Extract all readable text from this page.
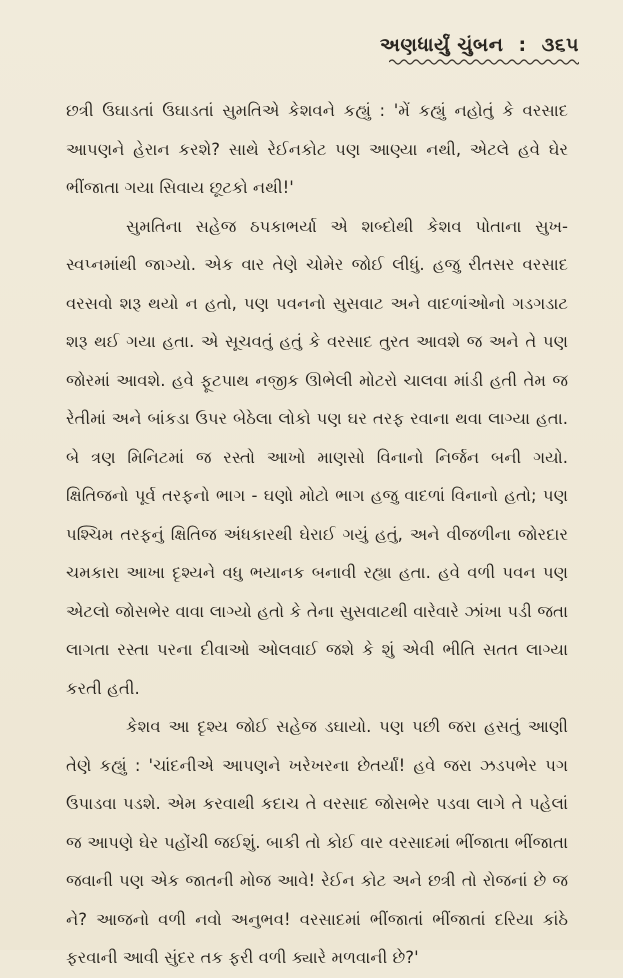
અણધાર્યું ચુંબન : ૩૬૫

છત્રી ઉઘાડતાં ઉઘાડતાં સુમતિએ કેશવને કહ્યું : 'મેં કહ્યું નહોતું કે વરસાદ આપણને હેરાન કરશે? સાથે રેઈનકોટ પણ આણ્યા નથી, એટલે હવે ઘેર ભીંજાતા ગયા સિવાય છૂટકો નથી!'

સુમતિના સહેજ ઠપકાભર્યા એ શબ્દોથી કેશવ પોતાના સુખ-સ્વપ્નમાંથી જાગ્યો. એક વાર તેણે ચોમેર જોઈ લીધું. હજુ રીતસર વરસાદ વરસવો શરૂ થયો ન હતો, પણ પવનનો સુસવાટ અને વાદળાંઓનો ગડગડાટ શરૂ થઈ ગયા હતા. એ સૂચવતું હતું કે વરસાદ તુરત આવશે જ અને તે પણ જોરમાં આવશે. હવે ફૂટપાથ નજીક ઊભેલી મોટરો ચાલવા માંડી હતી તેમ જ રેતીમાં અને બાંકડા ઉપર બેઠેલા લોકો પણ ઘર તરફ રવાના થવા લાગ્યા હતા. બે ત્રણ મિનિટમાં જ રસ્તો આખો માણસો વિનાનો નિર્જન બની ગયો. ક્ષિતિજનો પૂર્વ તરફનો ભાગ - ઘણો મોટો ભાગ હજુ વાદળાં વિનાનો હતો; પણ પશ્ચિમ તરફનું ક્ષિતિજ અંધકારથી ઘેરાઈ ગયું હતું, અને વીજળીના જોરદાર ચમકારા આખા દૃશ્યને વધુ ભયાનક બનાવી રહ્યા હતા. હવે વળી પવન પણ એટલો જોસભેર વાવા લાગ્યો હતો કે તેના સુસવાટથી વારેવારે ઝાંખા પડી જતા લાગતા રસ્તા પરના દીવાઓ ઓલવાઈ જશે કે શું એવી ભીતિ સતત લાગ્યા કરતી હતી.

કેશવ આ દૃશ્ય જોઈ સહેજ ડઘાયો. પણ પછી જરા હસતું આણી તેણે કહ્યું : 'ચાંદનીએ આપણને ખરેખરના છેતર્યાં! હવે જરા ઝડપભેર પગ ઉપાડવા પડશે. એમ કરવાથી કદાચ તે વરસાદ જોસભેર પડવા લાગે તે પહેલાં જ આપણે ઘેર પહોંચી જઈશું. બાકી તો કોઈ વાર વરસાદમાં ભીંજાતા ભીંજાતા જવાની પણ એક જાતની મોજ આવે! રેઈન કોટ અને છત્રી તો રોજનાં છે જ ને? આજનો વળી નવો અનુભવ! વરસાદમાં ભીંજાતાં ભીંજાતાં દરિયા કાંઠે ફરવાની આવી સુંદર તક ફરી વળી ક્યારે મળવાની છે?'
